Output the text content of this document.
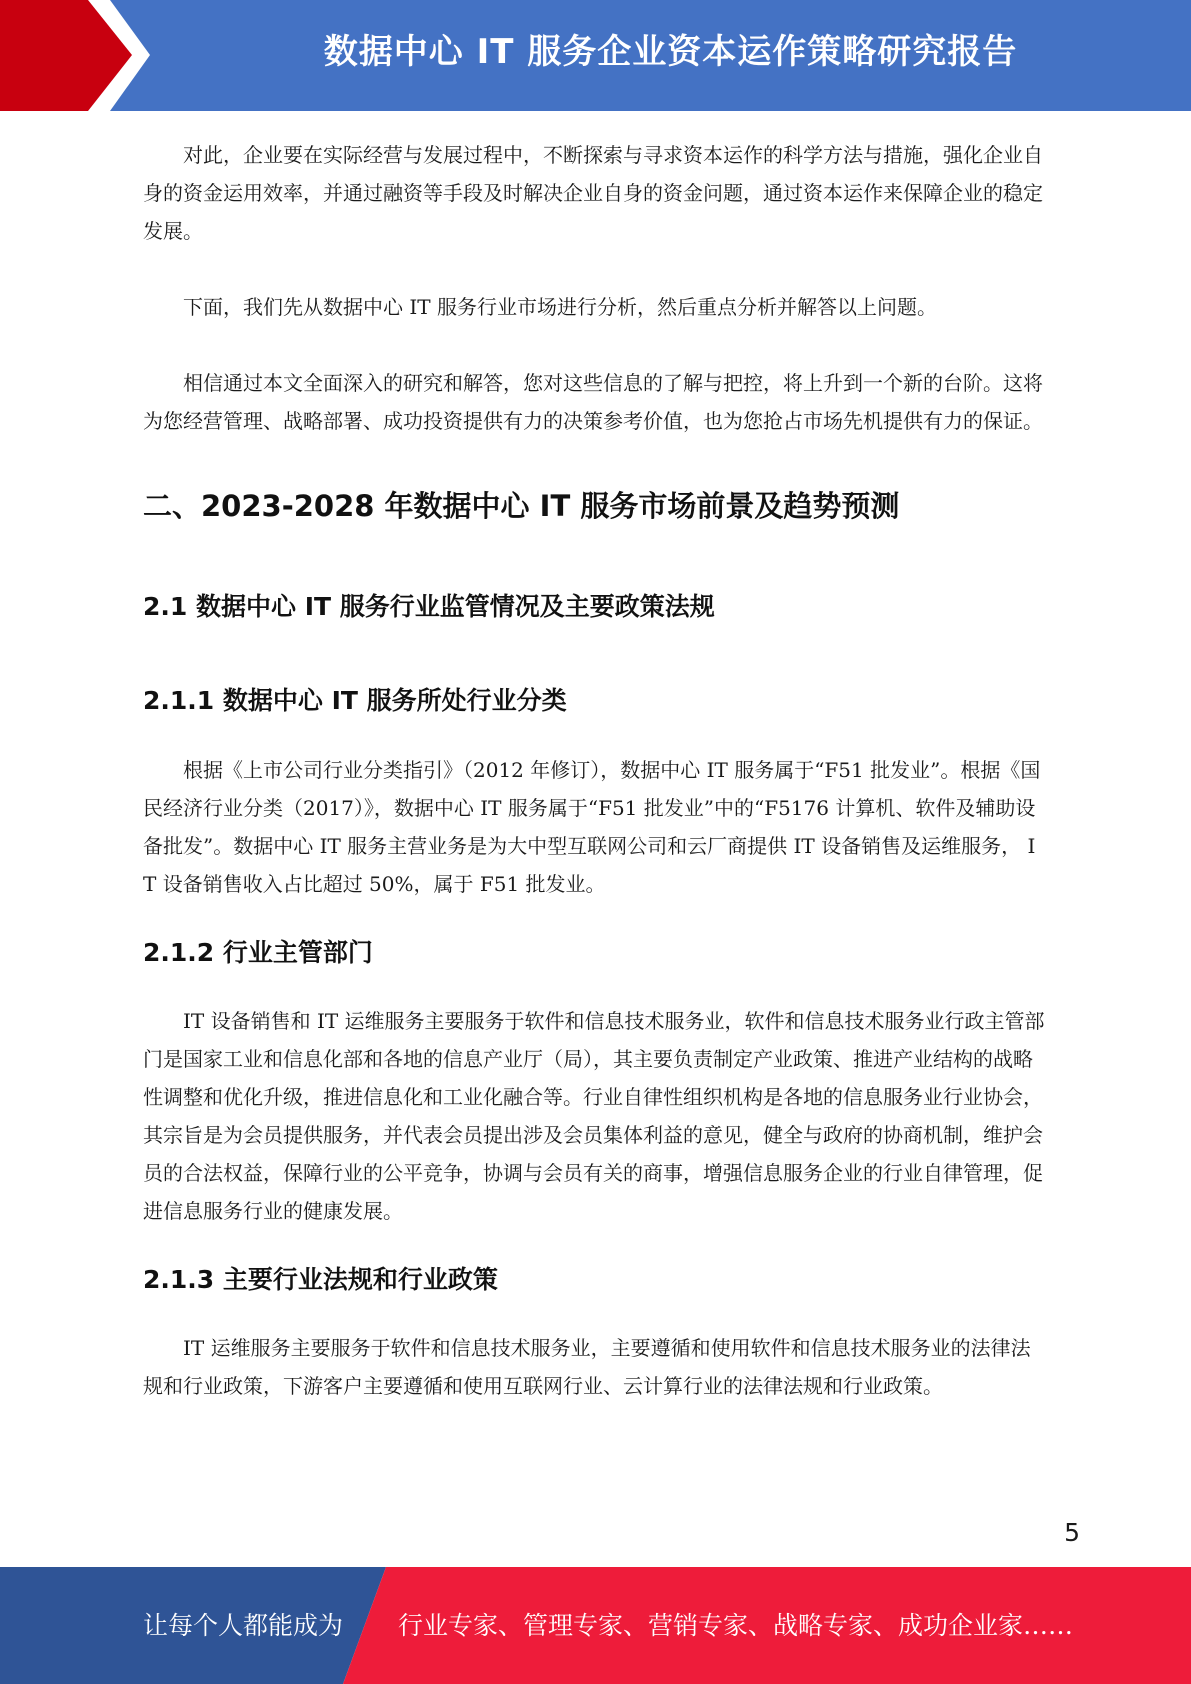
数据中心 IT 服务企业资本运作策略研究报告

对此，企业要在实际经营与发展过程中，不断探索与寻求资本运作的科学方法与措施，强化企业自身的资金运用效率，并通过融资等手段及时解决企业自身的资金问题，通过资本运作来保障企业的稳定发展。

下面，我们先从数据中心 IT 服务行业市场进行分析，然后重点分析并解答以上问题。

相信通过本文全面深入的研究和解答，您对这些信息的了解与把控，将上升到一个新的台阶。这将为您经营管理、战略部署、成功投资提供有力的决策参考价值，也为您抢占市场先机提供有力的保证。

二、2023-2028 年数据中心 IT 服务市场前景及趋势预测
2.1 数据中心 IT 服务行业监管情况及主要政策法规
2.1.1 数据中心 IT 服务所处行业分类

根据《上市公司行业分类指引》（2012 年修订），数据中心 IT 服务属于“F51 批发业”。根据《国民经济行业分类（2017）》，数据中心 IT 服务属于“F51 批发业”中的“F5176 计算机、软件及辅助设备批发”。数据中心 IT 服务主营业务是为大中型互联网公司和云厂商提供 IT 设备销售及运维服务， IT 设备销售收入占比超过 50%，属于 F51 批发业。

2.1.2 行业主管部门

IT 设备销售和 IT 运维服务主要服务于软件和信息技术服务业，软件和信息技术服务业行政主管部门是国家工业和信息化部和各地的信息产业厅（局），其主要负责制定产业政策、推进产业结构的战略性调整和优化升级，推进信息化和工业化融合等。行业自律性组织机构是各地的信息服务业行业协会，其宗旨是为会员提供服务，并代表会员提出涉及会员集体利益的意见，健全与政府的协商机制，维护会员的合法权益，保障行业的公平竞争，协调与会员有关的商事，增强信息服务企业的行业自律管理，促进信息服务行业的健康发展。

2.1.3 主要行业法规和行业政策

IT 运维服务主要服务于软件和信息技术服务业，主要遵循和使用软件和信息技术服务业的法律法规和行业政策，下游客户主要遵循和使用互联网行业、云计算行业的法律法规和行业政策。

5
让每个人都能成为 行业专家、管理专家、营销专家、战略专家、成功企业家……
